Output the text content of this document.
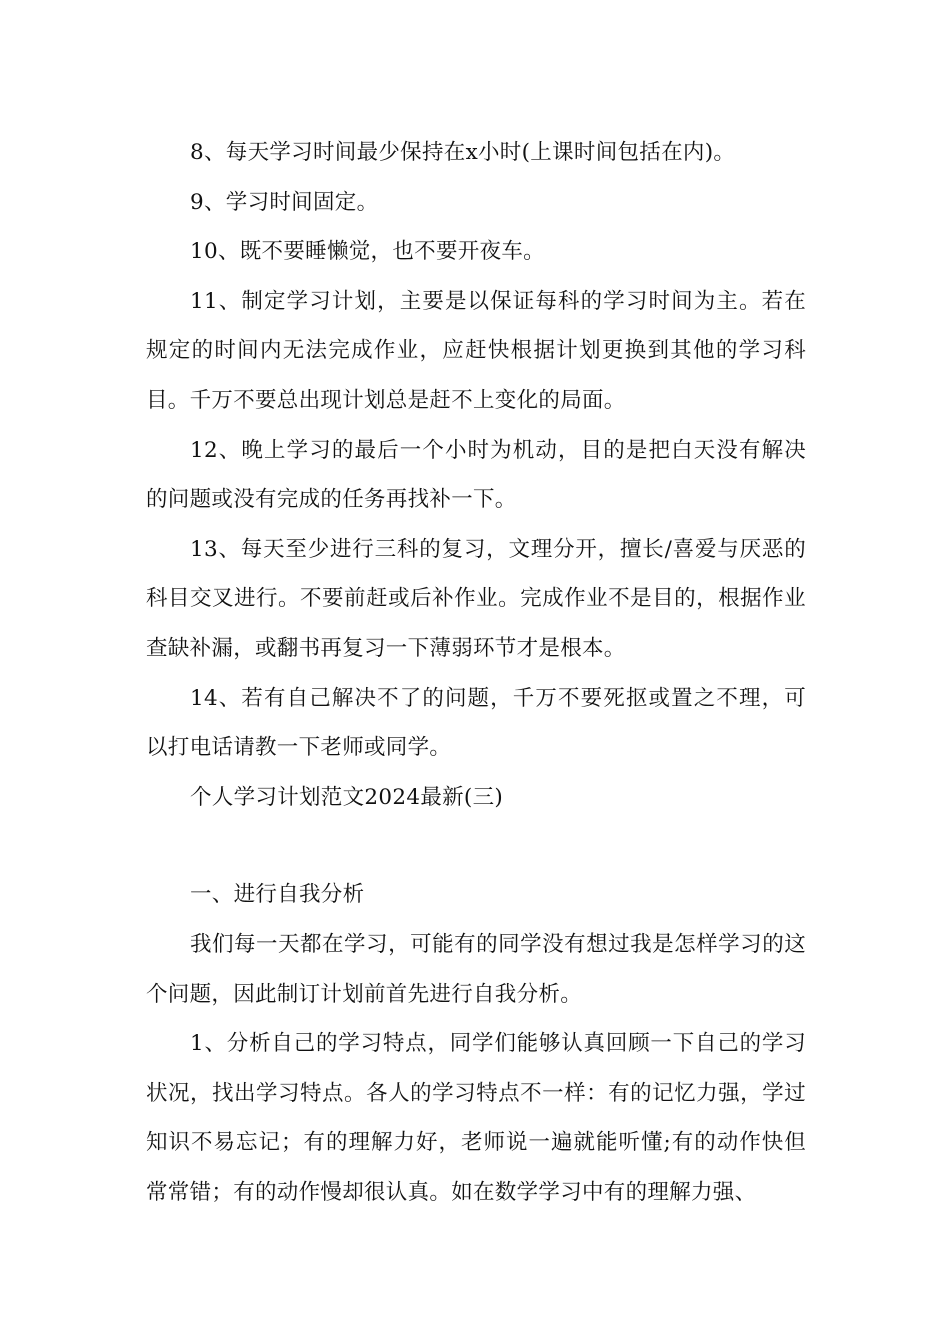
8、每天学习时间最少保持在x小时(上课时间包括在内)。

9、学习时间固定。

10、既不要睡懒觉，也不要开夜车。

11、制定学习计划，主要是以保证每科的学习时间为主。若在规定的时间内无法完成作业，应赶快根据计划更换到其他的学习科目。千万不要总出现计划总是赶不上变化的局面。

12、晚上学习的最后一个小时为机动，目的是把白天没有解决的问题或没有完成的任务再找补一下。

13、每天至少进行三科的复习，文理分开，擅长/喜爱与厌恶的科目交叉进行。不要前赶或后补作业。完成作业不是目的，根据作业查缺补漏，或翻书再复习一下薄弱环节才是根本。

14、若有自己解决不了的问题，千万不要死抠或置之不理，可以打电话请教一下老师或同学。

个人学习计划范文2024最新(三)

一、进行自我分析

我们每一天都在学习，可能有的同学没有想过我是怎样学习的这个问题，因此制订计划前首先进行自我分析。

1、分析自己的学习特点，同学们能够认真回顾一下自己的学习状况，找出学习特点。各人的学习特点不一样：有的记忆力强，学过知识不易忘记；有的理解力好，老师说一遍就能听懂;有的动作快但常常错；有的动作慢却很认真。如在数学学习中有的理解力强、
